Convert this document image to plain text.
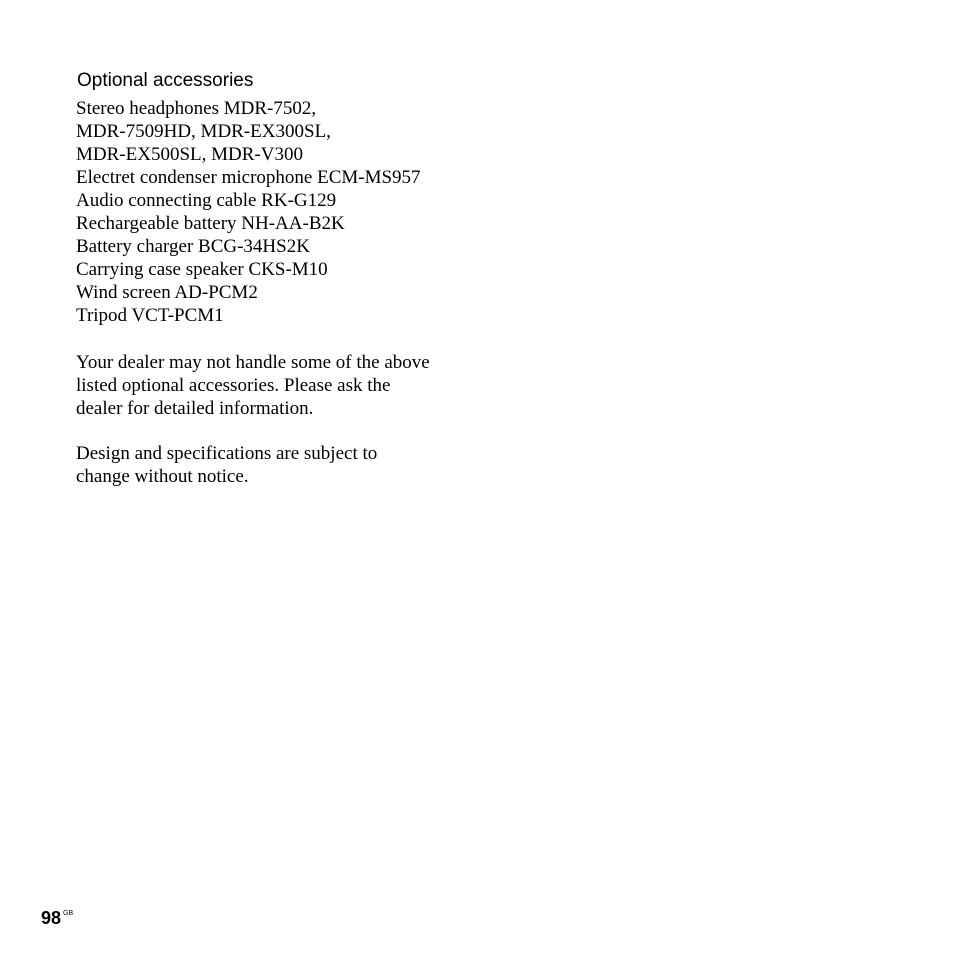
Optional accessories
Stereo headphones MDR-7502,
MDR-7509HD, MDR-EX300SL,
MDR-EX500SL, MDR-V300
Electret condenser microphone ECM-MS957
Audio connecting cable RK-G129
Rechargeable battery NH-AA-B2K
Battery charger BCG-34HS2K
Carrying case speaker CKS-M10
Wind screen AD-PCM2
Tripod VCT-PCM1
Your dealer may not handle some of the above
listed optional accessories. Please ask the
dealer for detailed information.
Design and specifications are subject to
change without notice.
98 $^{GB}$
